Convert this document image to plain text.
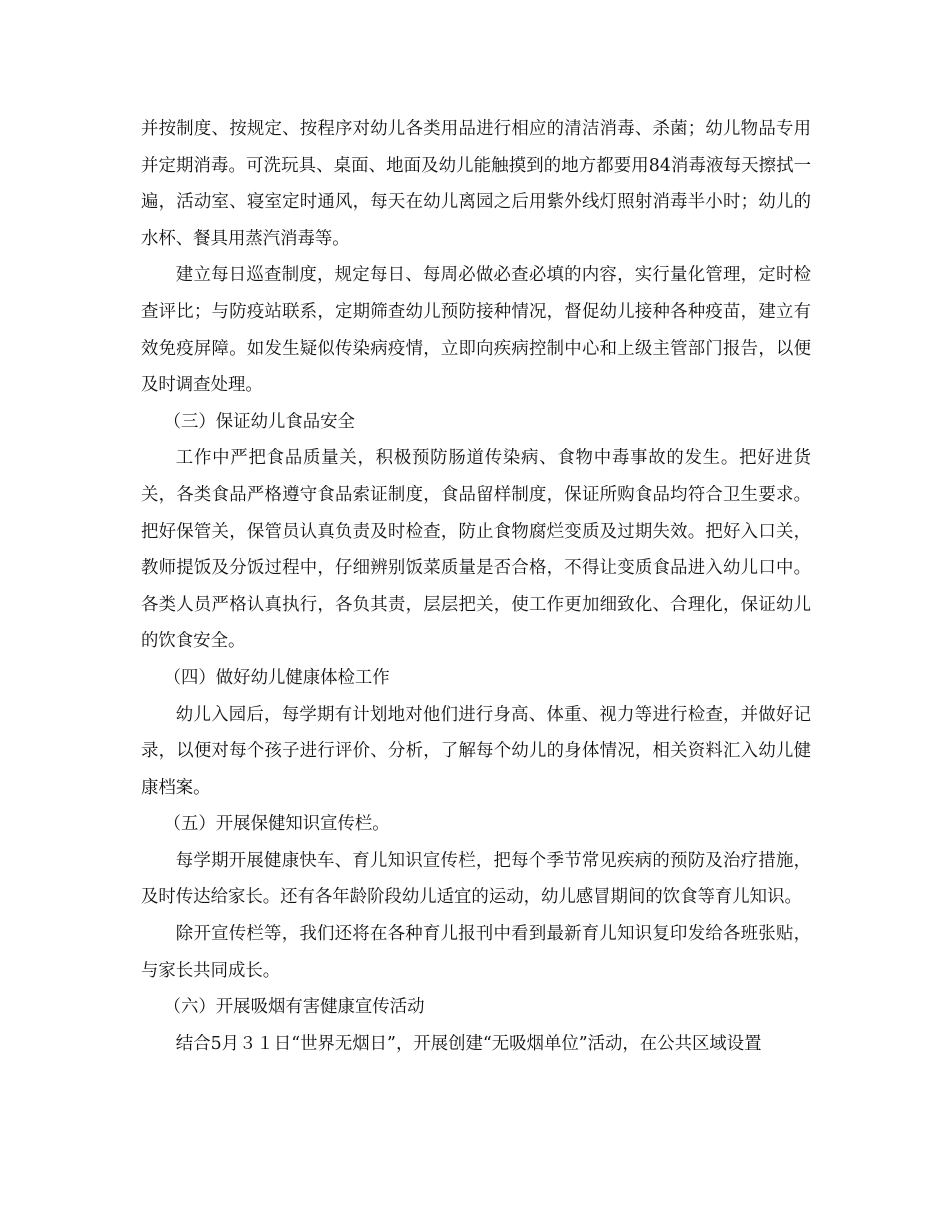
并按制度、按规定、按程序对幼儿各类用品进行相应的清洁消毒、杀菌；幼儿物品专用并定期消毒。可洗玩具、桌面、地面及幼儿能触摸到的地方都要用84消毒液每天擦拭一遍，活动室、寝室定时通风，每天在幼儿离园之后用紫外线灯照射消毒半小时；幼儿的水杯、餐具用蒸汽消毒等。

建立每日巡查制度，规定每日、每周必做必查必填的内容，实行量化管理，定时检查评比；与防疫站联系，定期筛查幼儿预防接种情况，督促幼儿接种各种疫苗，建立有效免疫屏障。如发生疑似传染病疫情，立即向疾病控制中心和上级主管部门报告，以便及时调查处理。

（三）保证幼儿食品安全

工作中严把食品质量关，积极预防肠道传染病、食物中毒事故的发生。把好进货关，各类食品严格遵守食品索证制度，食品留样制度，保证所购食品均符合卫生要求。把好保管关，保管员认真负责及时检查，防止食物腐烂变质及过期失效。把好入口关，教师提饭及分饭过程中，仔细辨别饭菜质量是否合格，不得让变质食品进入幼儿口中。各类人员严格认真执行，各负其责，层层把关，使工作更加细致化、合理化，保证幼儿的饮食安全。

（四）做好幼儿健康体检工作

幼儿入园后，每学期有计划地对他们进行身高、体重、视力等进行检查，并做好记录，以便对每个孩子进行评价、分析，了解每个幼儿的身体情况，相关资料汇入幼儿健康档案。

（五）开展保健知识宣传栏。

每学期开展健康快车、育儿知识宣传栏，把每个季节常见疾病的预防及治疗措施，及时传达给家长。还有各年龄阶段幼儿适宜的运动，幼儿感冒期间的饮食等育儿知识。

除开宣传栏等，我们还将在各种育儿报刊中看到最新育儿知识复印发给各班张贴，与家长共同成长。

（六）开展吸烟有害健康宣传活动

结合5月３１日“世界无烟日”，开展创建“无吸烟单位”活动，在公共区域设置
